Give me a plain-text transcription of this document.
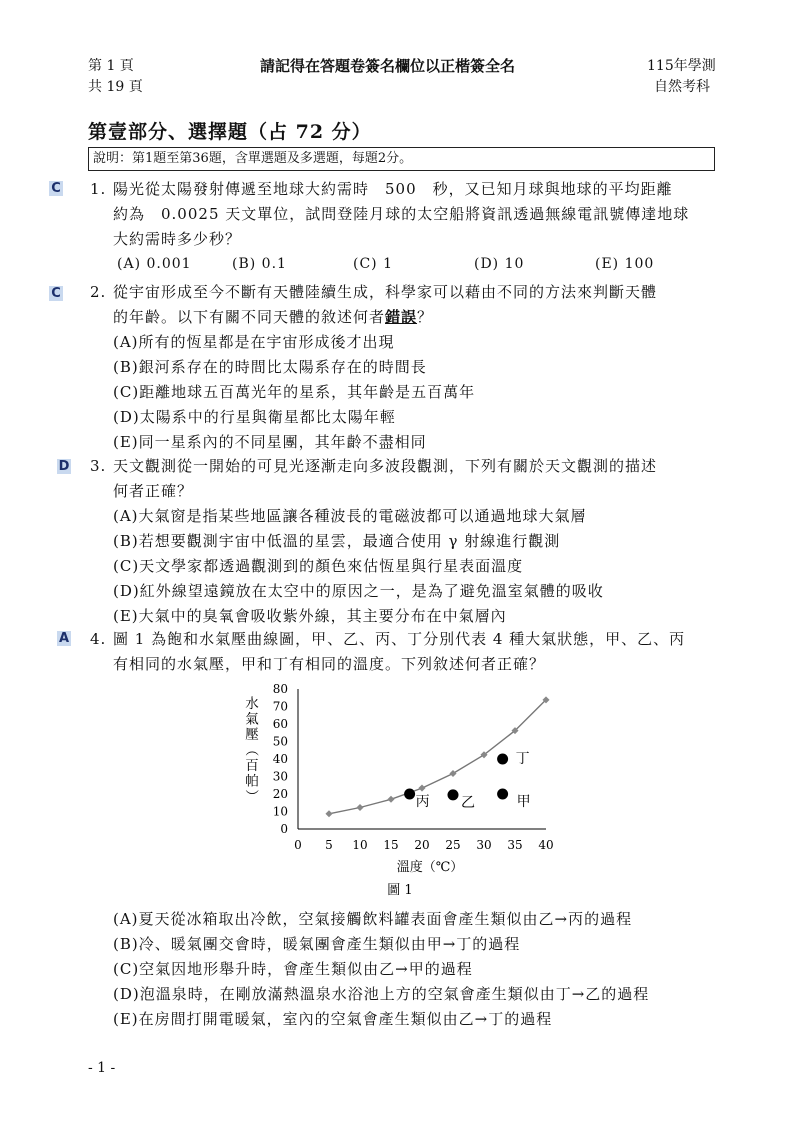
第 1 頁
共 19 頁
請記得在答題卷簽名欄位以正楷簽全名	115年學測
自然考科
第壹部分、選擇題（占 72 分）
說明：第1題至第36題，含單選題及多選題，每題2分。
C 1. 陽光從太陽發射傳遞至地球大約需時　500　秒，又已知月球與地球的平均距離
約為　0.0025 天文單位，試問登陸月球的太空船將資訊透過無線電訊號傳達地球
大約需時多少秒？
(A) 0.001	(B) 0.1	(C) 1	(D) 10	(E) 100
C 2. 從宇宙形成至今不斷有天體陸續生成，科學家可以藉由不同的方法來判斷天體
的年齡。以下有關不同天體的敘述何者錯誤？
(A)所有的恆星都是在宇宙形成後才出現
(B)銀河系存在的時間比太陽系存在的時間長
(C)距離地球五百萬光年的星系，其年齡是五百萬年
(D)太陽系中的行星與衛星都比太陽年輕
(E)同一星系內的不同星團，其年齡不盡相同
D 3. 天文觀測從一開始的可見光逐漸走向多波段觀測，下列有關於天文觀測的描述
何者正確？
(A)大氣窗是指某些地區讓各種波長的電磁波都可以通過地球大氣層
(B)若想要觀測宇宙中低溫的星雲，最適合使用 γ 射線進行觀測
(C)天文學家都透過觀測到的顏色來估恆星與行星表面溫度
(D)紅外線望遠鏡放在太空中的原因之一，是為了避免溫室氣體的吸收
(E)大氣中的臭氧會吸收紫外線，其主要分布在中氣層內
A 4. 圖 1 為飽和水氣壓曲線圖，甲、乙、丙、丁分別代表 4 種大氣狀態，甲、乙、丙
有相同的水氣壓，甲和丁有相同的溫度。下列敘述何者正確？
0
10
20
30
40
50
60
70
80
0 5 10 15 20 25 30 35 40
丙 乙	甲
丁
水
氣
壓
（
百
帕
）
溫度（℃）
圖 1
(A)夏天從冰箱取出冷飲，空氣接觸飲料罐表面會產生類似由乙→丙的過程
(B)冷、暖氣團交會時，暖氣團會產生類似由甲→丁的過程
(C)空氣因地形舉升時，會產生類似由乙→甲的過程
(D)泡溫泉時，在剛放滿熱溫泉水浴池上方的空氣會產生類似由丁→乙的過程
(E)在房間打開電暖氣，室內的空氣會產生類似由乙→丁的過程
- 1 -
